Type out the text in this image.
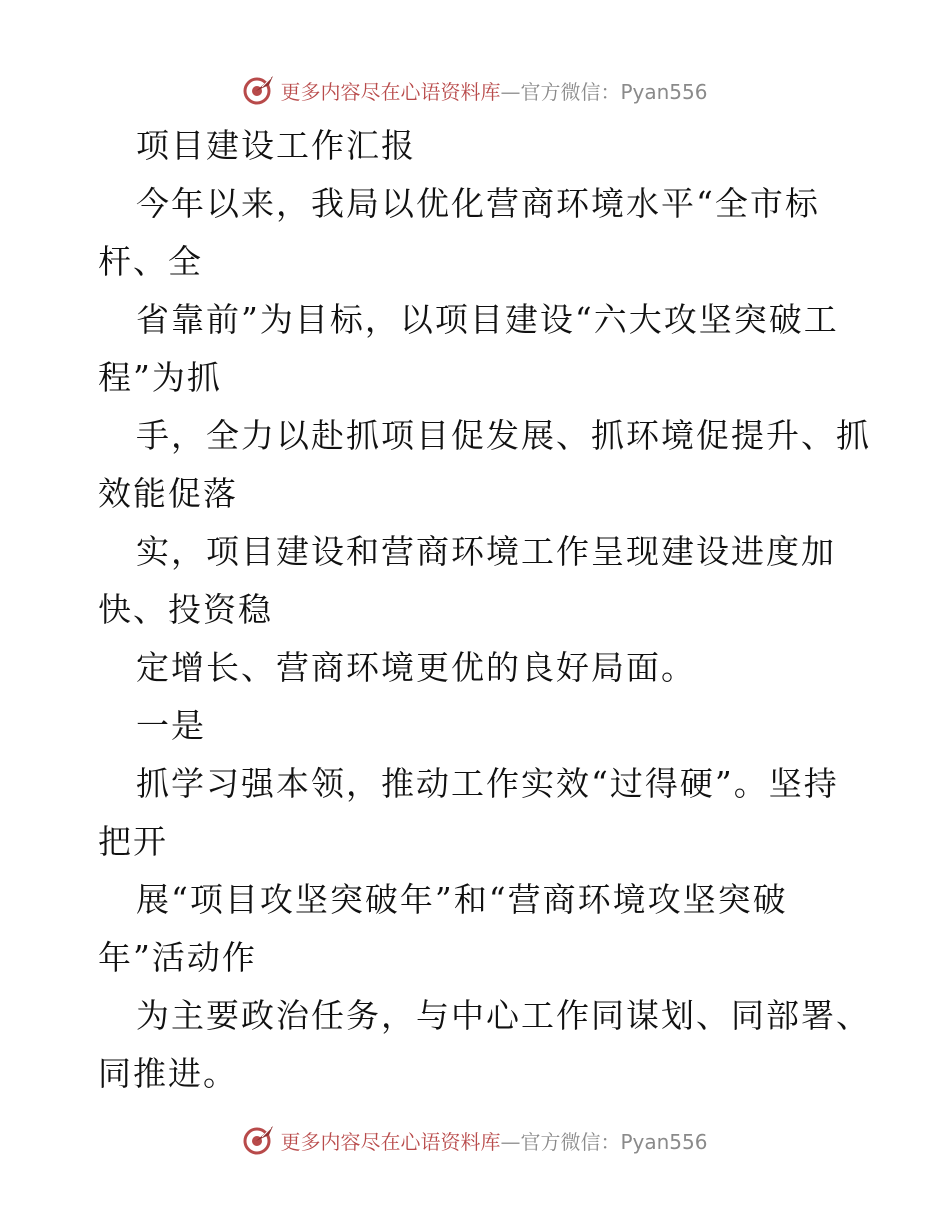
更多内容尽在心语资料库—官方微信：Pyan556
项目建设工作汇报
今年以来，我局以优化营商环境水平“全市标
杆、全
省靠前”为目标，以项目建设“六大攻坚突破工
程”为抓
手，全力以赴抓项目促发展、抓环境促提升、抓
效能促落
实，项目建设和营商环境工作呈现建设进度加
快、投资稳
定增长、营商环境更优的良好局面。
一是
抓学习强本领，推动工作实效“过得硬”。坚持
把开
展“项目攻坚突破年”和“营商环境攻坚突破
年”活动作
为主要政治任务，与中心工作同谋划、同部署、
同推进。
更多内容尽在心语资料库—官方微信：Pyan556
